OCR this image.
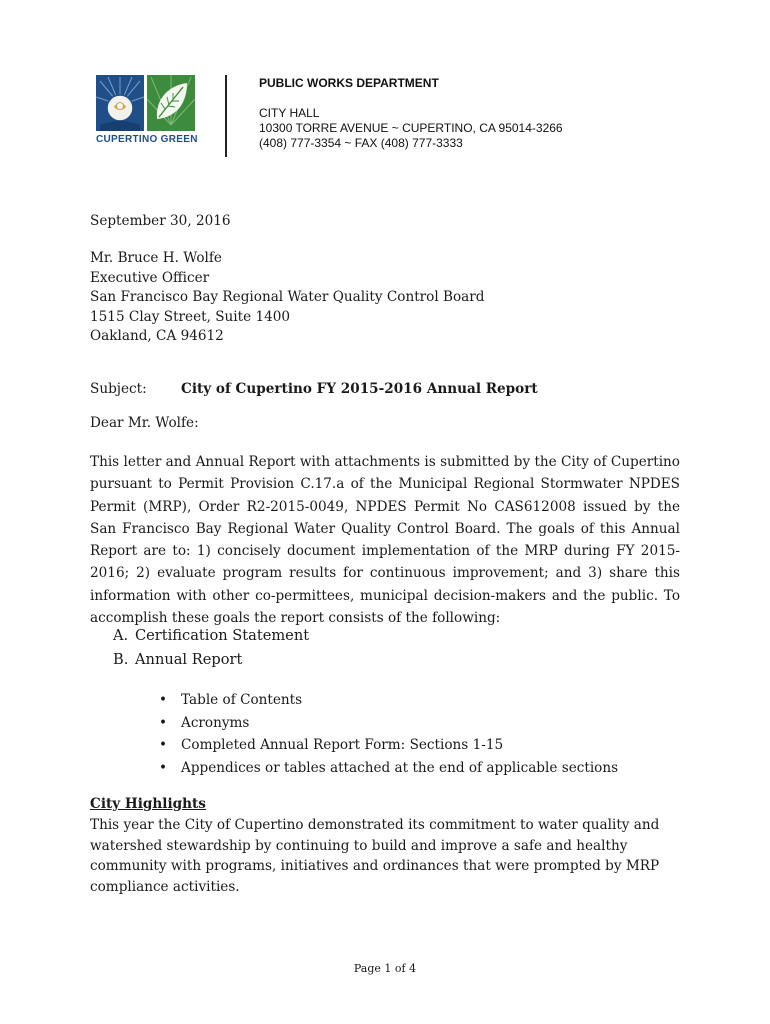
CUPERTINO GREEN
PUBLIC WORKS DEPARTMENT
CITY HALL
10300 TORRE AVENUE ~ CUPERTINO, CA 95014-3266
(408) 777-3354 ~ FAX (408) 777-3333
September 30, 2016
Mr. Bruce H. Wolfe
Executive Officer
San Francisco Bay Regional Water Quality Control Board
1515 Clay Street, Suite 1400
Oakland, CA 94612
Subject:	City of Cupertino FY 2015-2016 Annual Report
Dear Mr. Wolfe:
This letter and Annual Report with attachments is submitted by the City of Cupertino pursuant to Permit Provision C.17.a of the Municipal Regional Stormwater NPDES Permit (MRP), Order R2-2015-0049, NPDES Permit No CAS612008 issued by the San Francisco Bay Regional Water Quality Control Board. The goals of this Annual Report are to: 1) concisely document implementation of the MRP during FY 2015-2016; 2) evaluate program results for continuous improvement; and 3) share this information with other co-permittees, municipal decision-makers and the public. To accomplish these goals the report consists of the following:
A. Certification Statement
B. Annual Report
•	Table of Contents
•	Acronyms
•	Completed Annual Report Form: Sections 1-15
•	Appendices or tables attached at the end of applicable sections
City Highlights
This year the City of Cupertino demonstrated its commitment to water quality and watershed stewardship by continuing to build and improve a safe and healthy community with programs, initiatives and ordinances that were prompted by MRP compliance activities.
Page 1 of 4
